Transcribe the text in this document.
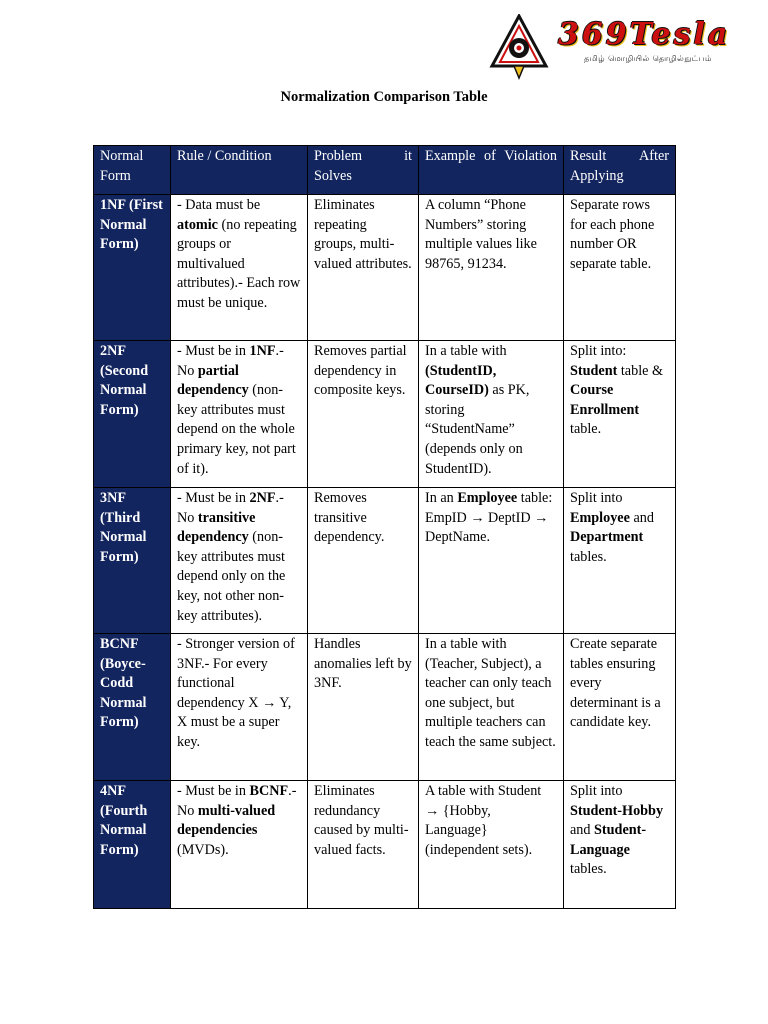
369Tesla
தமிழ் மொழியில் தொழில்நுட்பம்
Normalization Comparison Table
Normal Form	Rule / Condition	Problem it Solves	Example of Violation	Result After Applying
1NF (First Normal Form)	- Data must be atomic (no repeating groups or multivalued attributes).- Each row must be unique.	Eliminates repeating groups, multi-valued attributes.	A column “Phone Numbers” storing multiple values like 98765, 91234.	Separate rows for each phone number OR separate table.
2NF (Second Normal Form)	- Must be in 1NF.- No partial dependency (non-key attributes must depend on the whole primary key, not part of it).	Removes partial dependency in composite keys.	In a table with (StudentID, CourseID) as PK, storing “StudentName” (depends only on StudentID).	Split into: Student table & Course Enrollment table.
3NF (Third Normal Form)	- Must be in 2NF.- No transitive dependency (non-key attributes must depend only on the key, not other non-key attributes).	Removes transitive dependency.	In an Employee table: EmpID → DeptID → DeptName.	Split into Employee and Department tables.
BCNF (Boyce-Codd Normal Form)	- Stronger version of 3NF.- For every functional dependency X → Y, X must be a super key.	Handles anomalies left by 3NF.	In a table with (Teacher, Subject), a teacher can only teach one subject, but multiple teachers can teach the same subject.	Create separate tables ensuring every determinant is a candidate key.
4NF (Fourth Normal Form)	- Must be in BCNF.- No multi-valued dependencies (MVDs).	Eliminates redundancy caused by multi-valued facts.	A table with Student → {Hobby, Language} (independent sets).	Split into Student-Hobby and Student-Language tables.
